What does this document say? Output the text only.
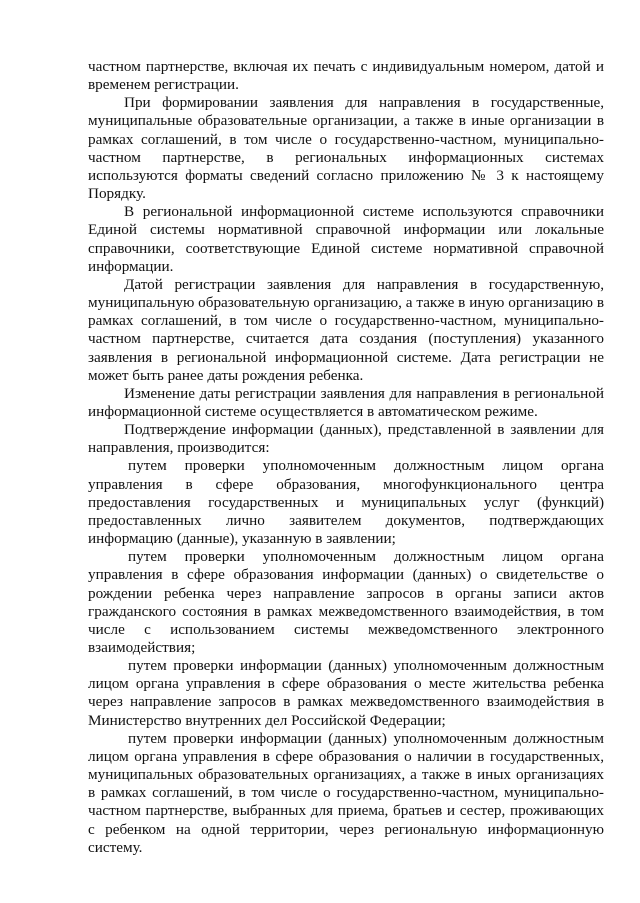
частном партнерстве, включая их печать с индивидуальным номером, датой и временем регистрации.

При формировании заявления для направления в государственные, муниципальные образовательные организации, а также в иные организации в рамках соглашений, в том числе о государственно-частном, муниципально-частном партнерстве, в региональных информационных системах используются форматы сведений согласно приложению № 3 к настоящему Порядку.

В региональной информационной системе используются справочники Единой системы нормативной справочной информации или локальные справочники, соответствующие Единой системе нормативной справочной информации.

Датой регистрации заявления для направления в государственную, муниципальную образовательную организацию, а также в иную организацию в рамках соглашений, в том числе о государственно-частном, муниципально-частном партнерстве, считается дата создания (поступления) указанного заявления в региональной информационной системе. Дата регистрации не может быть ранее даты рождения ребенка.

Изменение даты регистрации заявления для направления в региональной информационной системе осуществляется в автоматическом режиме.

Подтверждение информации (данных), представленной в заявлении для направления, производится:

путем проверки уполномоченным должностным лицом органа управления в сфере образования, многофункционального центра предоставления государственных и муниципальных услуг (функций) предоставленных лично заявителем документов, подтверждающих информацию (данные), указанную в заявлении;

путем проверки уполномоченным должностным лицом органа управления в сфере образования информации (данных) о свидетельстве о рождении ребенка через направление запросов в органы записи актов гражданского состояния в рамках межведомственного взаимодействия, в том числе с использованием системы межведомственного электронного взаимодействия;

путем проверки информации (данных) уполномоченным должностным лицом органа управления в сфере образования о месте жительства ребенка через направление запросов в рамках межведомственного взаимодействия в Министерство внутренних дел Российской Федерации;

путем проверки информации (данных) уполномоченным должностным лицом органа управления в сфере образования о наличии в государственных, муниципальных образовательных организациях, а также в иных организациях в рамках соглашений, в том числе о государственно-частном, муниципально-частном партнерстве, выбранных для приема, братьев и сестер, проживающих с ребенком на одной территории, через региональную информационную систему.
